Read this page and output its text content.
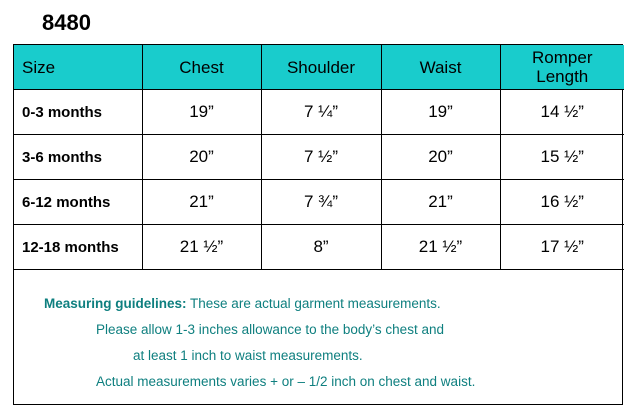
8480
Size	Chest	Shoulder	Waist	Romper Length
0-3 months	19”	7 ¼”	19”	14 ½”
3-6 months	20”	7 ½”	20”	15 ½”
6-12 months	21”	7 ¾”	21”	16 ½”
12-18 months	21 ½”	8”	21 ½”	17 ½”
Measuring guidelines: These are actual garment measurements.
Please allow 1-3 inches allowance to the body’s chest and
at least 1 inch to waist measurements.
Actual measurements varies + or – 1/2 inch on chest and waist.
